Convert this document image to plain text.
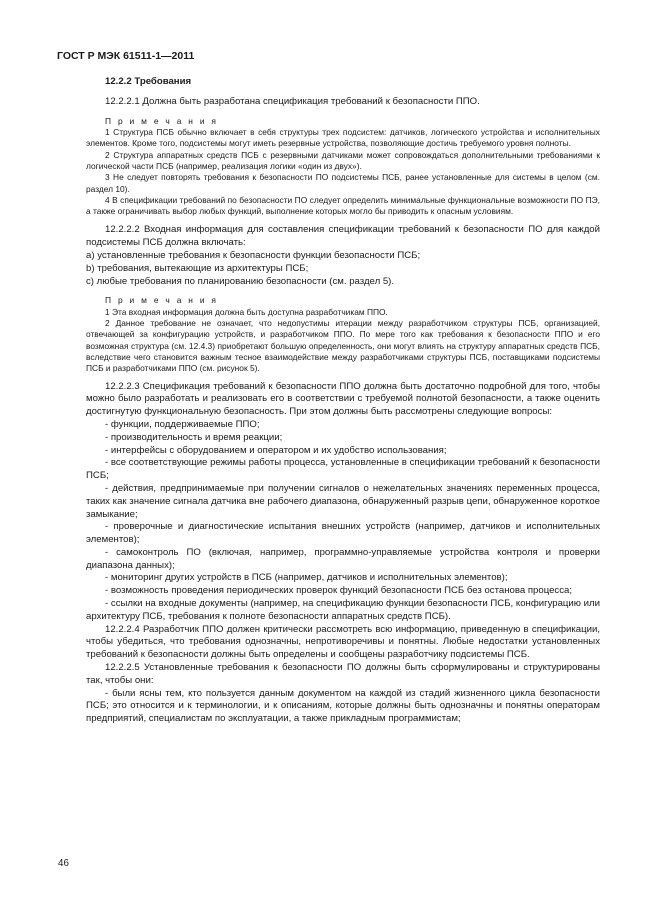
ГОСТ Р МЭК 61511-1—2011
12.2.2 Требования

12.2.2.1 Должна быть разработана спецификация требований к безопасности ППО.

П р и м е ч а н и я

1 Структура ПСБ обычно включает в себя структуры трех подсистем: датчиков, логического устройства и исполнительных элементов. Кроме того, подсистемы могут иметь резервные устройства, позволяющие достичь требуемого уровня полноты.

2 Структура аппаратных средств ПСБ с резервными датчиками может сопровождаться дополнительными требованиями к логической части ПСБ (например, реализация логики «один из двух»).

3 Не следует повторять требования к безопасности ПО подсистемы ПСБ, ранее установленные для системы в целом (см. раздел 10).

4 В спецификации требований по безопасности ПО следует определить минимальные функциональные возможности ПО ПЭ, а также ограничивать выбор любых функций, выполнение которых могло бы приводить к опасным условиям.

12.2.2.2 Входная информация для составления спецификации требований к безопасности ПО для каждой подсистемы ПСБ должна включать:

a) установленные требования к безопасности функции безопасности ПСБ;

b) требования, вытекающие из архитектуры ПСБ;

c) любые требования по планированию безопасности (см. раздел 5).

П р и м е ч а н и я

1 Эта входная информация должна быть доступна разработчикам ППО.

2 Данное требование не означает, что недопустимы итерации между разработчиком структуры ПСБ, организацией, отвечающей за конфигурацию устройств, и разработчиком ППО. По мере того как требования к безопасности ППО и его возможная структура (см. 12.4.3) приобретают большую определенность, они могут влиять на структуру аппаратных средств ПСБ, вследствие чего становится важным тесное взаимодействие между разработчиками структуры ПСБ, поставщиками подсистемы ПСБ и разработчиками ППО (см. рисунок 5).

12.2.2.3 Спецификация требований к безопасности ППО должна быть достаточно подробной для того, чтобы можно было разработать и реализовать его в соответствии с требуемой полнотой безопасности, а также оценить достигнутую функциональную безопасность. При этом должны быть рассмотрены следующие вопросы:

- функции, поддерживаемые ППО;

- производительность и время реакции;

- интерфейсы с оборудованием и оператором и их удобство использования;

- все соответствующие режимы работы процесса, установленные в спецификации требований к безопасности ПСБ;

- действия, предпринимаемые при получении сигналов о нежелательных значениях переменных процесса, таких как значение сигнала датчика вне рабочего диапазона, обнаруженный разрыв цепи, обнаруженное короткое замыкание;

- проверочные и диагностические испытания внешних устройств (например, датчиков и исполнительных элементов);

- самоконтроль ПО (включая, например, программно-управляемые устройства контроля и проверки диапазона данных);

- мониторинг других устройств в ПСБ (например, датчиков и исполнительных элементов);

- возможность проведения периодических проверок функций безопасности ПСБ без останова процесса;

- ссылки на входные документы (например, на спецификацию функции безопасности ПСБ, конфигурацию или архитектуру ПСБ, требования к полноте безопасности аппаратных средств ПСБ).

12.2.2.4 Разработчик ППО должен критически рассмотреть всю информацию, приведенную в спецификации, чтобы убедиться, что требования однозначны, непротиворечивы и понятны. Любые недостатки установленных требований к безопасности должны быть определены и сообщены разработчику подсистемы ПСБ.

12.2.2.5 Установленные требования к безопасности ПО должны быть сформулированы и структурированы так, чтобы они:

- были ясны тем, кто пользуется данным документом на каждой из стадий жизненного цикла безопасности ПСБ; это относится и к терминологии, и к описаниям, которые должны быть однозначны и понятны операторам предприятий, специалистам по эксплуатации, а также прикладным программистам;

46
